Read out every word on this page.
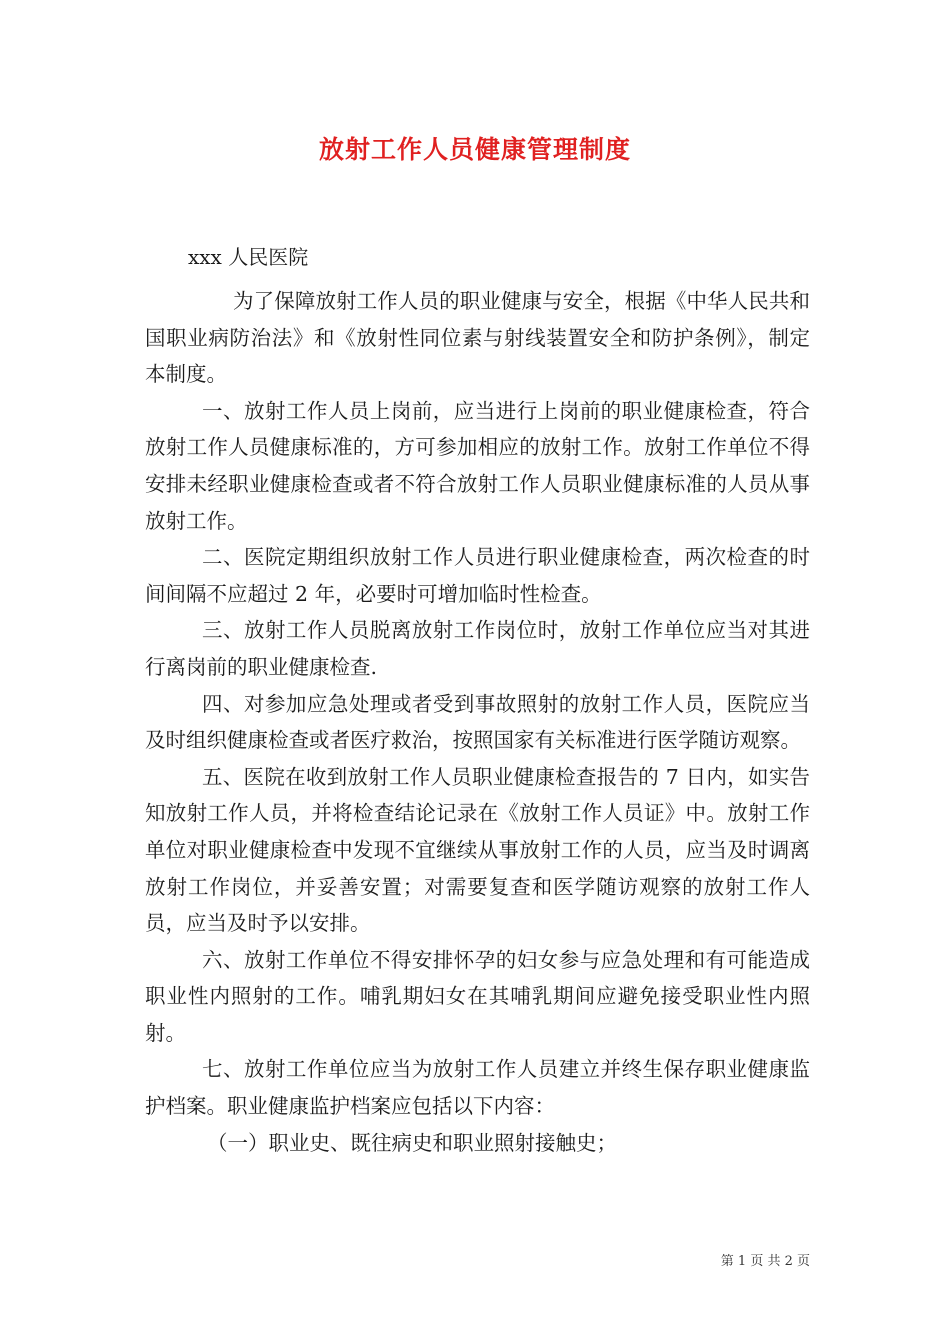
放射工作人员健康管理制度
xxx 人民医院

为了保障放射工作人员的职业健康与安全，根据《中华人民共和国职业病防治法》和《放射性同位素与射线装置安全和防护条例》，制定本制度。

一、放射工作人员上岗前，应当进行上岗前的职业健康检查，符合放射工作人员健康标准的，方可参加相应的放射工作。放射工作单位不得安排未经职业健康检查或者不符合放射工作人员职业健康标准的人员从事放射工作。

二、医院定期组织放射工作人员进行职业健康检查，两次检查的时间间隔不应超过 2 年，必要时可增加临时性检查。

三、放射工作人员脱离放射工作岗位时，放射工作单位应当对其进行离岗前的职业健康检查.

四、对参加应急处理或者受到事故照射的放射工作人员，医院应当及时组织健康检查或者医疗救治，按照国家有关标准进行医学随访观察。

五、医院在收到放射工作人员职业健康检查报告的 7 日内，如实告知放射工作人员，并将检查结论记录在《放射工作人员证》中。放射工作单位对职业健康检查中发现不宜继续从事放射工作的人员，应当及时调离放射工作岗位，并妥善安置；对需要复查和医学随访观察的放射工作人员，应当及时予以安排。

六、放射工作单位不得安排怀孕的妇女参与应急处理和有可能造成职业性内照射的工作。哺乳期妇女在其哺乳期间应避免接受职业性内照射。

七、放射工作单位应当为放射工作人员建立并终生保存职业健康监护档案。职业健康监护档案应包括以下内容：

（一）职业史、既往病史和职业照射接触史；

第 1 页 共 2 页
